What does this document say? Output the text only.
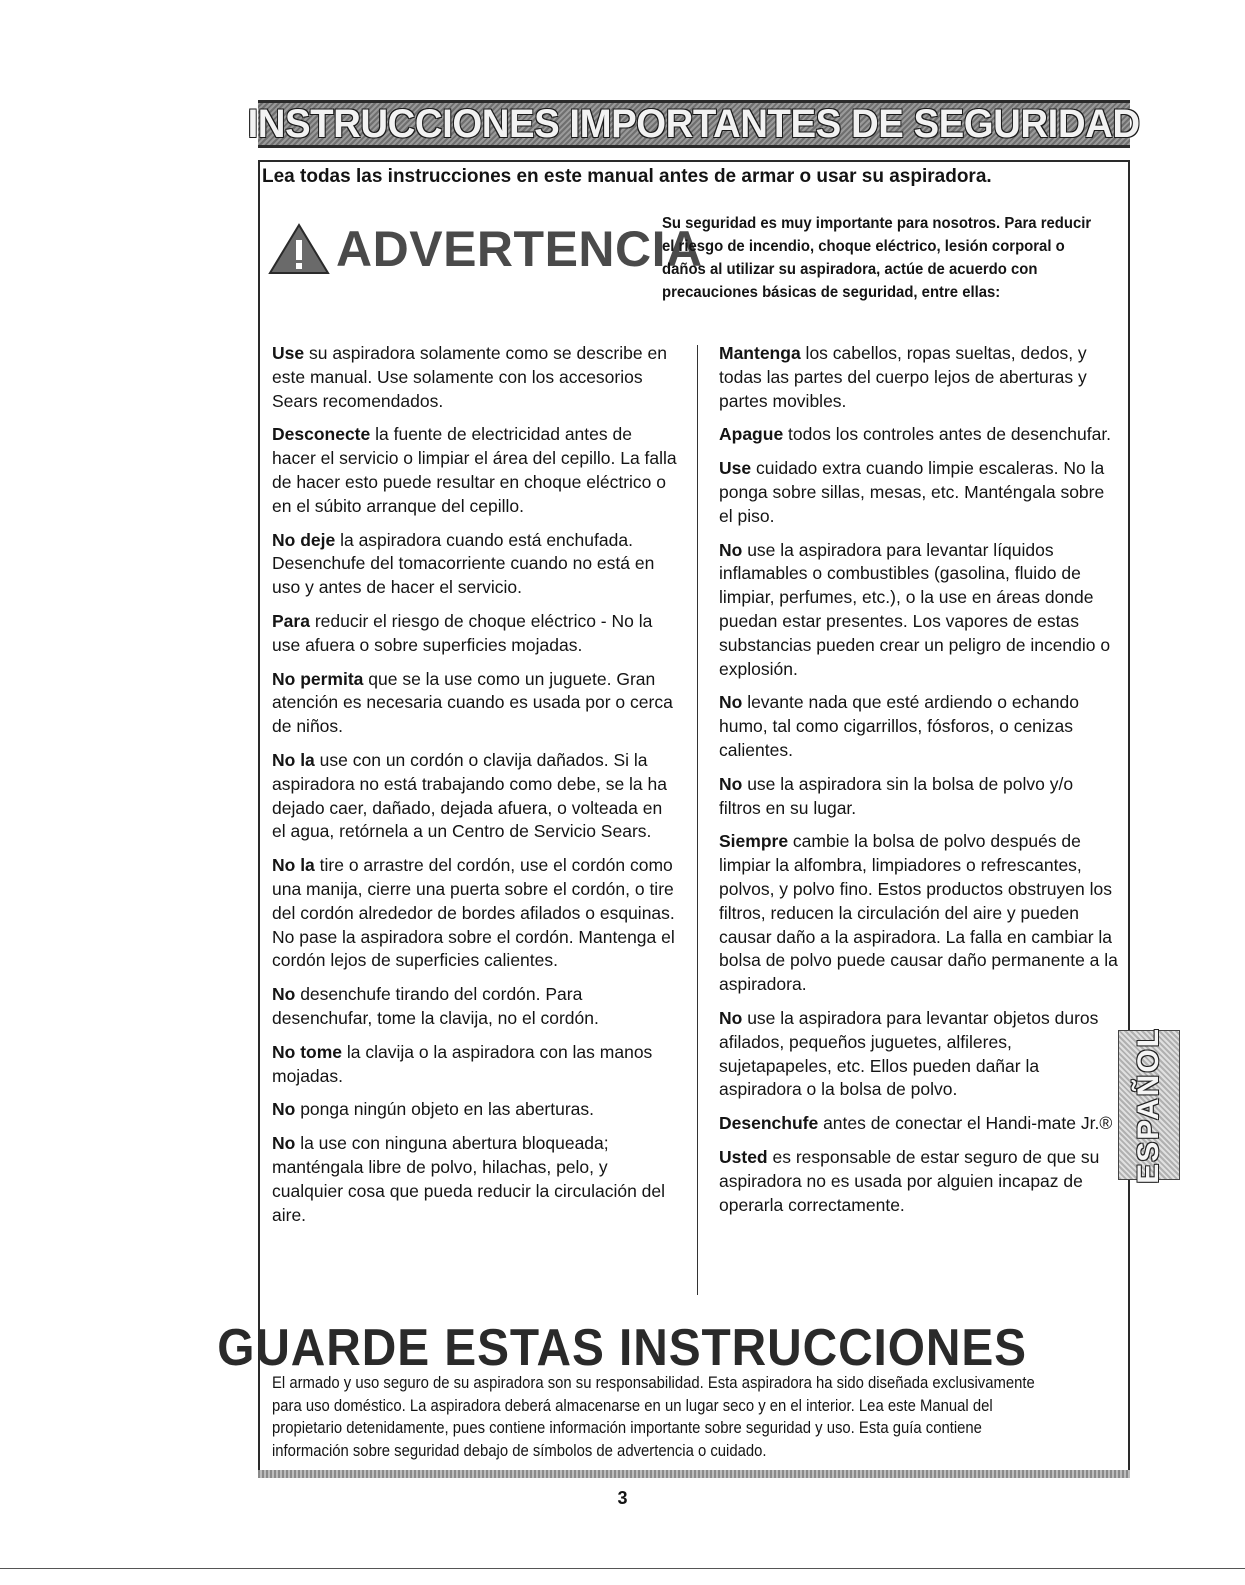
INSTRUCCIONES IMPORTANTES DE SEGURIDAD
Lea todas las instrucciones en este manual antes de armar o usar su aspiradora.
ADVERTENCIA
Su seguridad es muy importante para nosotros. Para reducir el riesgo de incendio, choque eléctrico, lesión corporal o daños al utilizar su aspiradora, actúe de acuerdo con precauciones básicas de seguridad, entre ellas:

Use su aspiradora solamente como se describe en este manual. Use solamente con los accesorios Sears recomendados.

Desconecte la fuente de electricidad antes de hacer el servicio o limpiar el área del cepillo. La falla de hacer esto puede resultar en choque eléctrico o en el súbito arranque del cepillo.

No deje la aspiradora cuando está enchufada. Desenchufe del tomacorriente cuando no está en uso y antes de hacer el servicio.

Para reducir el riesgo de choque eléctrico - No la use afuera o sobre superficies mojadas.

No permita que se la use como un juguete. Gran atención es necesaria cuando es usada por o cerca de niños.

No la use con un cordón o clavija dañados. Si la aspiradora no está trabajando como debe, se la ha dejado caer, dañado, dejada afuera, o volteada en el agua, retórnela a un Centro de Servicio Sears.

No la tire o arrastre del cordón, use el cordón como una manija, cierre una puerta sobre el cordón, o tire del cordón alrededor de bordes afilados o esquinas. No pase la aspiradora sobre el cordón. Mantenga el cordón lejos de superficies calientes.

No desenchufe tirando del cordón. Para desenchufar, tome la clavija, no el cordón.

No tome la clavija o la aspiradora con las manos mojadas.

No ponga ningún objeto en las aberturas.

No la use con ninguna abertura bloqueada; manténgala libre de polvo, hilachas, pelo, y cualquier cosa que pueda reducir la circulación del aire.

Mantenga los cabellos, ropas sueltas, dedos, y todas las partes del cuerpo lejos de aberturas y partes movibles.

Apague todos los controles antes de desenchufar.

Use cuidado extra cuando limpie escaleras. No la ponga sobre sillas, mesas, etc. Manténgala sobre el piso.

No use la aspiradora para levantar líquidos inflamables o combustibles (gasolina, fluido de limpiar, perfumes, etc.), o la use en áreas donde puedan estar presentes. Los vapores de estas substancias pueden crear un peligro de incendio o explosión.

No levante nada que esté ardiendo o echando humo, tal como cigarrillos, fósforos, o cenizas calientes.

No use la aspiradora sin la bolsa de polvo y/o filtros en su lugar.

Siempre cambie la bolsa de polvo después de limpiar la alfombra, limpiadores o refrescantes, polvos, y polvo fino. Estos productos obstruyen los filtros, reducen la circulación del aire y pueden causar daño a la aspiradora. La falla en cambiar la bolsa de polvo puede causar daño permanente a la aspiradora.

No use la aspiradora para levantar objetos duros afilados, pequeños juguetes, alfileres, sujetapapeles, etc. Ellos pueden dañar la aspiradora o la bolsa de polvo.

Desenchufe antes de conectar el Handi-mate Jr.®

Usted es responsable de estar seguro de que su aspiradora no es usada por alguien incapaz de operarla correctamente.

GUARDE ESTAS INSTRUCCIONES
El armado y uso seguro de su aspiradora son su responsabilidad. Esta aspiradora ha sido diseñada exclusivamente para uso doméstico. La aspiradora deberá almacenarse en un lugar seco y en el interior. Lea este Manual del propietario detenidamente, pues contiene información importante sobre seguridad y uso. Esta guía contiene información sobre seguridad debajo de símbolos de advertencia o cuidado.
ESPAÑOL
3
